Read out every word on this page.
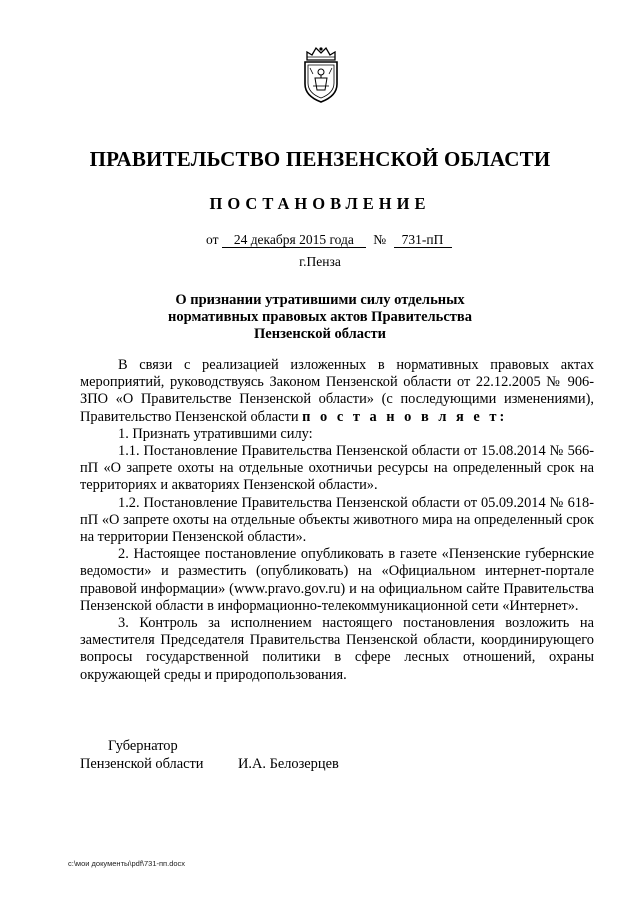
ПРАВИТЕЛЬСТВО ПЕНЗЕНСКОЙ ОБЛАСТИ
ПОСТАНОВЛЕНИЕ
от 24 декабря 2015 года № 731-пП
г.Пенза
О признании утратившими силу отдельных
нормативных правовых актов Правительства
Пензенской области

В связи с реализацией изложенных в нормативных правовых актах мероприятий, руководствуясь Законом Пензенской области от 22.12.2005 № 906-ЗПО «О Правительстве Пензенской области» (с последующими изменениями), Правительство Пензенской области п о с т а н о в л я е т:

1. Признать утратившими силу:

1.1. Постановление Правительства Пензенской области от 15.08.2014 № 566-пП «О запрете охоты на отдельные охотничьи ресурсы на определенный срок на территориях и акваториях Пензенской области».

1.2. Постановление Правительства Пензенской области от 05.09.2014 № 618-пП «О запрете охоты на отдельные объекты животного мира на определенный срок на территории Пензенской области».

2. Настоящее постановление опубликовать в газете «Пензенские губернские ведомости» и разместить (опубликовать) на «Официальном интернет-портале правовой информации» (www.pravo.gov.ru) и на официальном сайте Правительства Пензенской области в информационно-телекоммуникационной сети «Интернет».

3. Контроль за исполнением настоящего постановления возложить на заместителя Председателя Правительства Пензенской области, координирующего вопросы государственной политики в сфере лесных отношений, охраны окружающей среды и природопользования.

Губернатор
Пензенской области И.А. Белозерцев
c:\мои документы\pdf\731-пп.docx
